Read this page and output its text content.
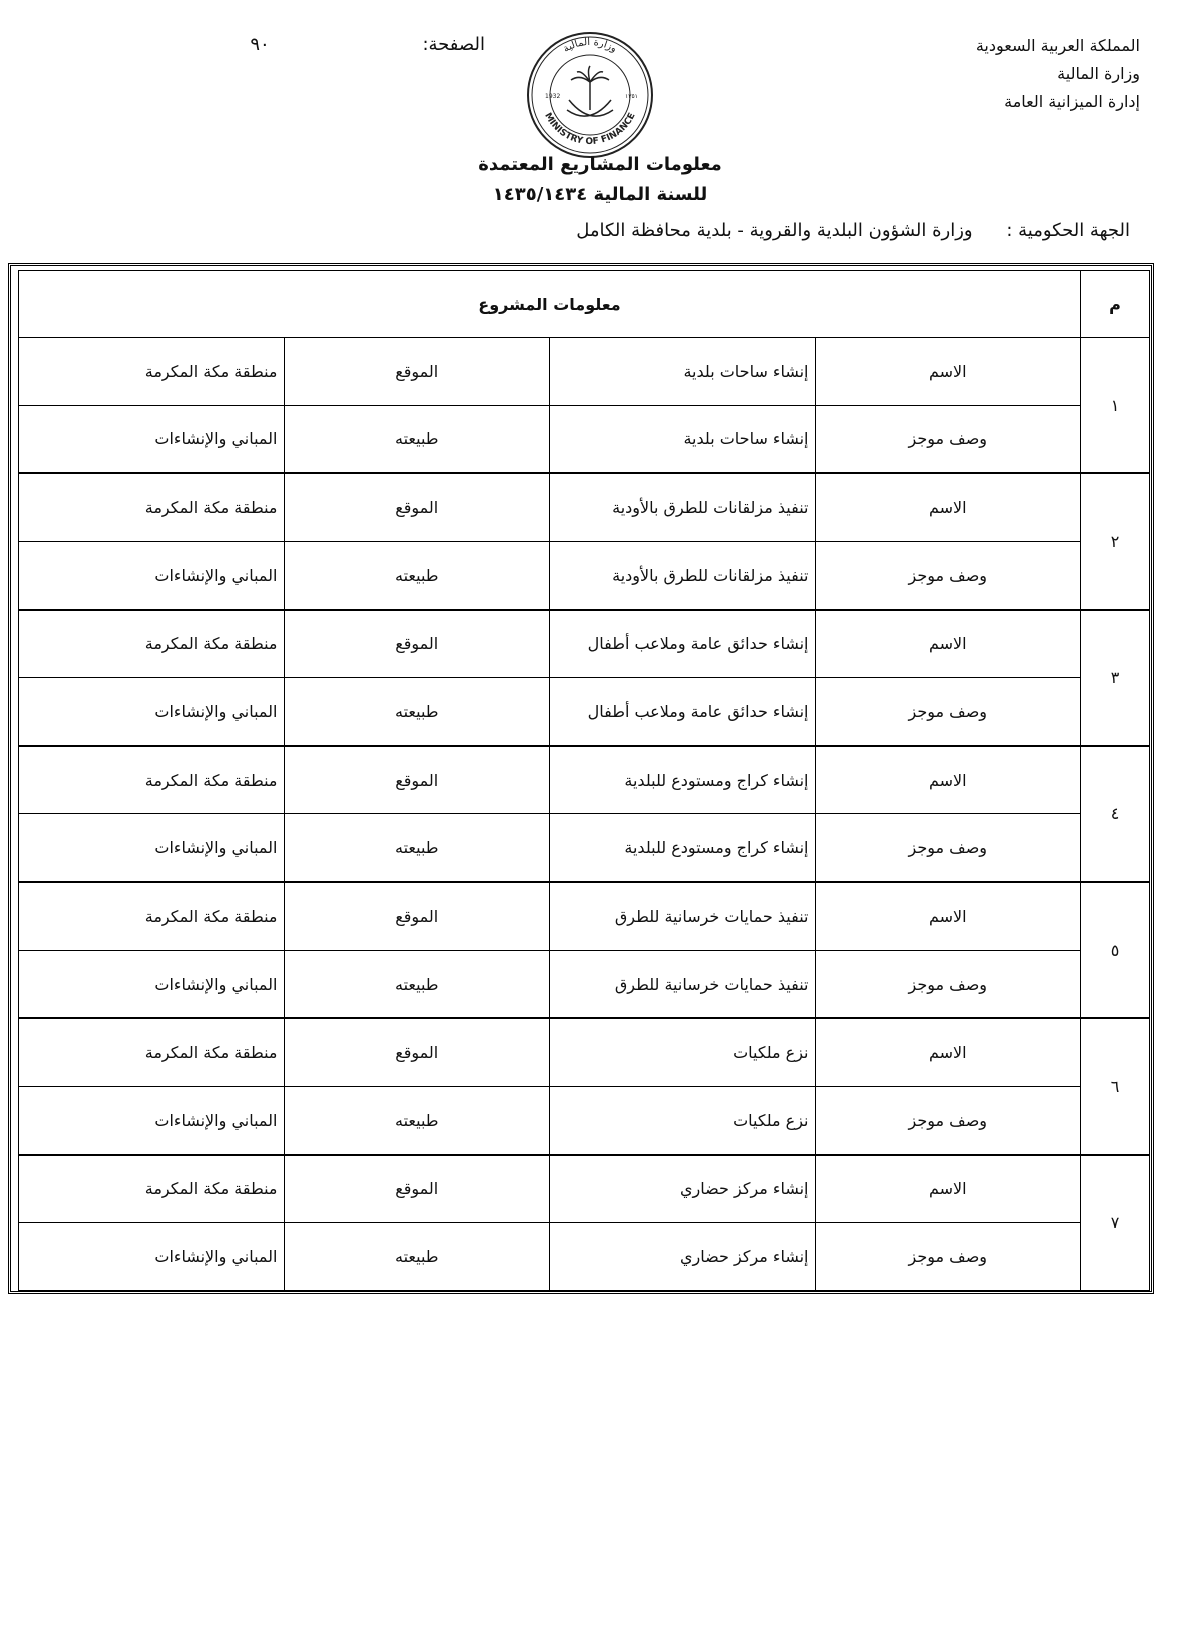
المملكة العربية السعودية
وزارة المالية
إدارة الميزانية العامة
الصفحة:
٩٠
MINISTRY OF FINANCE
وزارة المالية
1932	١٣٥١
معلومات المشاريع المعتمدة
للسنة المالية ١٤٣٥/١٤٣٤
الجهة الحكومية : وزارة الشؤون البلدية والقروية - بلدية محافظة الكامل
م	معلومات المشروع			
١	الاسم	إنشاء ساحات بلدية	الموقع	منطقة مكة المكرمة
	وصف موجز	إنشاء ساحات بلدية	طبيعته	المباني والإنشاءات
٢	الاسم	تنفيذ مزلقانات للطرق بالأودية	الموقع	منطقة مكة المكرمة
	وصف موجز	تنفيذ مزلقانات للطرق بالأودية	طبيعته	المباني والإنشاءات
٣	الاسم	إنشاء حدائق عامة وملاعب أطفال	الموقع	منطقة مكة المكرمة
	وصف موجز	إنشاء حدائق عامة وملاعب أطفال	طبيعته	المباني والإنشاءات
٤	الاسم	إنشاء كراج ومستودع للبلدية	الموقع	منطقة مكة المكرمة
	وصف موجز	إنشاء كراج ومستودع للبلدية	طبيعته	المباني والإنشاءات
٥	الاسم	تنفيذ حمايات خرسانية للطرق	الموقع	منطقة مكة المكرمة
	وصف موجز	تنفيذ حمايات خرسانية للطرق	طبيعته	المباني والإنشاءات
٦	الاسم	نزع ملكيات	الموقع	منطقة مكة المكرمة
	وصف موجز	نزع ملكيات	طبيعته	المباني والإنشاءات
٧	الاسم	إنشاء مركز حضاري	الموقع	منطقة مكة المكرمة
	وصف موجز	إنشاء مركز حضاري	طبيعته	المباني والإنشاءات
